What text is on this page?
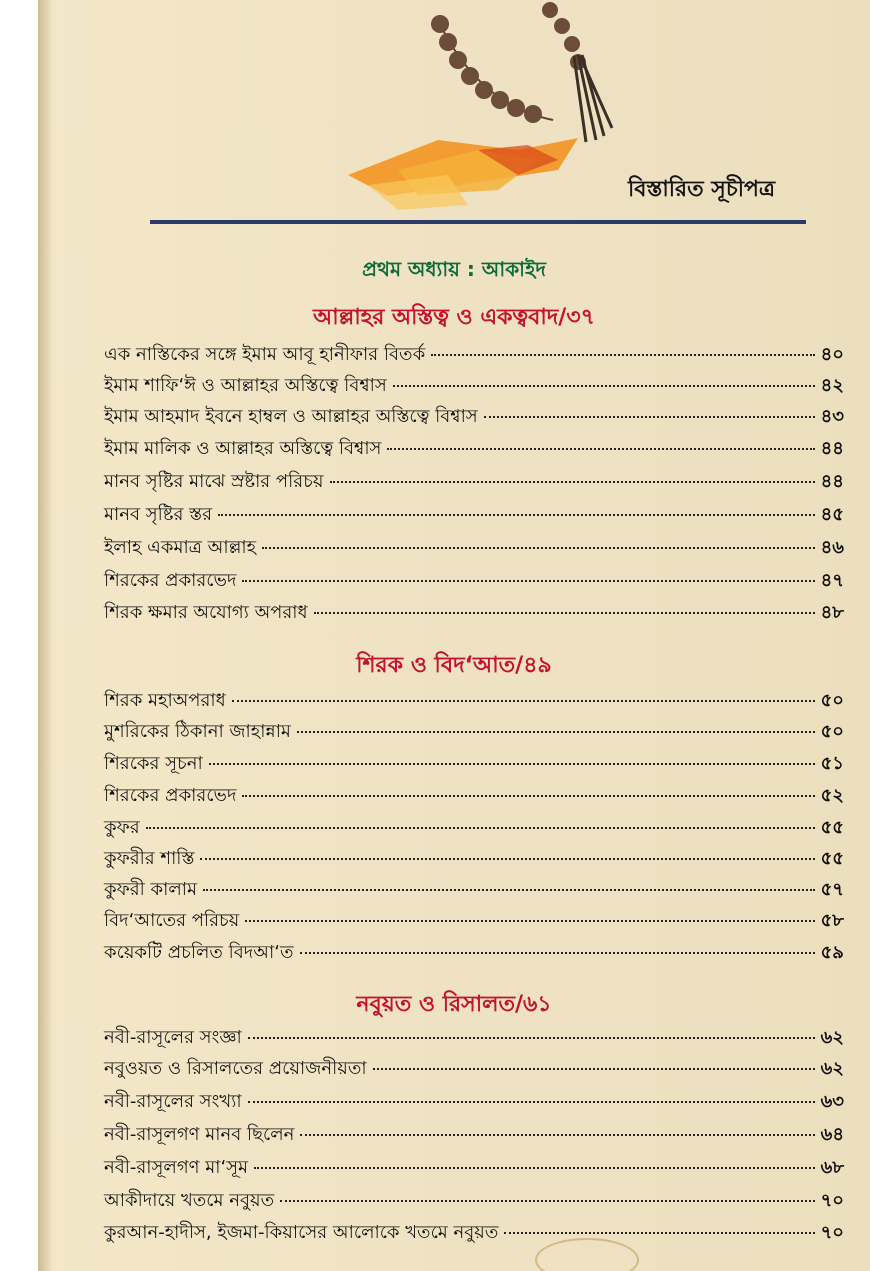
বিস্তারিত সূচীপত্র
প্রথম অধ্যায় : আকাইদ
আল্লাহর অস্তিত্ব ও একত্ববাদ/৩৭
এক নাস্তিকের সঙ্গে ইমাম আবূ হানীফার বিতর্ক	৪০
ইমাম শাফি‘ঈ ও আল্লাহর অস্তিত্বে বিশ্বাস	৪২
ইমাম আহমাদ ইবনে হাম্বল ও আল্লাহর অস্তিত্বে বিশ্বাস	৪৩
ইমাম মালিক ও আল্লাহর অস্তিত্বে বিশ্বাস	৪৪
মানব সৃষ্টির মাঝে স্রষ্টার পরিচয়	৪৪
মানব সৃষ্টির স্তর	৪৫
ইলাহ একমাত্র আল্লাহ	৪৬
শিরকের প্রকারভেদ	৪৭
শিরক ক্ষমার অযোগ্য অপরাধ	৪৮
শিরক ও বিদ‘আত/৪৯
শিরক মহাঅপরাধ	৫০
মুশরিকের ঠিকানা জাহান্নাম	৫০
শিরকের সূচনা	৫১
শিরকের প্রকারভেদ	৫২
কুফর	৫৫
কুফরীর শাস্তি	৫৫
কুফরী কালাম	৫৭
বিদ‘আতের পরিচয়	৫৮
কয়েকটি প্রচলিত বিদআ‘ত	৫৯
নবুয়ত ও রিসালত/৬১
নবী-রাসূলের সংজ্ঞা	৬২
নবুওয়ত ও রিসালতের প্রয়োজনীয়তা	৬২
নবী-রাসূলের সংখ্যা	৬৩
নবী-রাসূলগণ মানব ছিলেন	৬৪
নবী-রাসূলগণ মা‘সূম	৬৮
আকীদায়ে খতমে নবুয়ত	৭০
কুরআন-হাদীস, ইজমা-কিয়াসের আলোকে খতমে নবুয়ত	৭০
